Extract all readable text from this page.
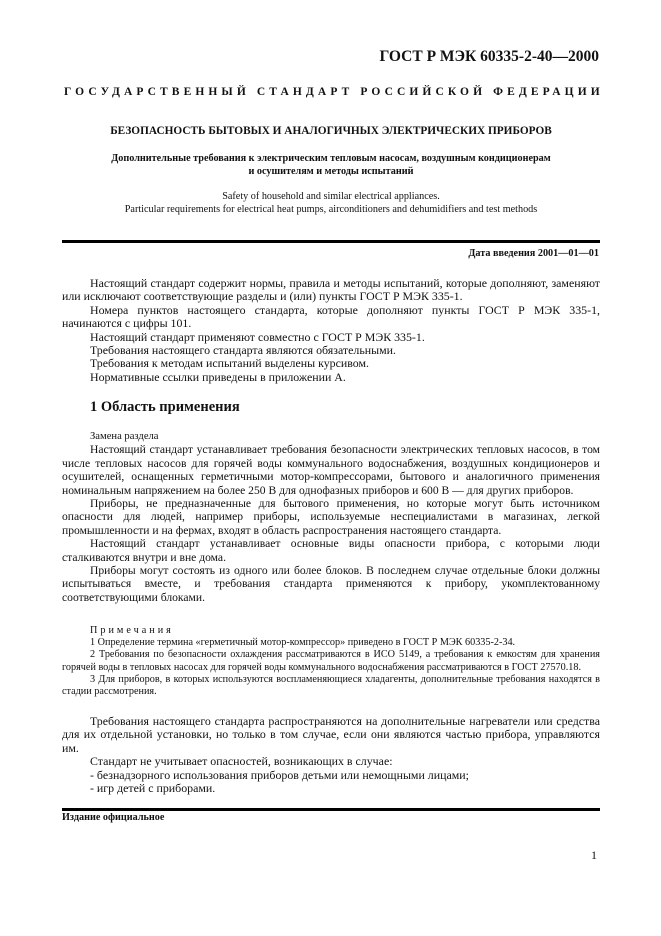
ГОСТ Р МЭК 60335-2-40—2000
ГОСУДАРСТВЕННЫЙ СТАНДАРТ РОССИЙСКОЙ ФЕДЕРАЦИИ
БЕЗОПАСНОСТЬ БЫТОВЫХ И АНАЛОГИЧНЫХ ЭЛЕКТРИЧЕСКИХ ПРИБОРОВ
Дополнительные требования к электрическим тепловым насосам, воздушным кондиционерам
и осушителям и методы испытаний
Safety of household and similar electrical appliances.
Particular requirements for electrical heat pumps, airconditioners and dehumidifiers and test methods
Дата введения 2001—01—01

Настоящий стандарт содержит нормы, правила и методы испытаний, которые дополняют, заменяют или исключают соответствующие разделы и (или) пункты ГОСТ Р МЭК 335-1.

Номера пунктов настоящего стандарта, которые дополняют пункты ГОСТ Р МЭК 335-1, начинаются с цифры 101.

Настоящий стандарт применяют совместно с ГОСТ Р МЭК 335-1.

Требования настоящего стандарта являются обязательными.

Требования к методам испытаний выделены курсивом.

Нормативные ссылки приведены в приложении А.

1 Область применения

Замена раздела

Настоящий стандарт устанавливает требования безопасности электрических тепловых насосов, в том числе тепловых насосов для горячей воды коммунального водоснабжения, воздушных кондиционеров и осушителей, оснащенных герметичными мотор-компрессорами, бытового и аналогичного применения номинальным напряжением на более 250 В для однофазных приборов и 600 В — для других приборов.

Приборы, не предназначенные для бытового применения, но которые могут быть источником опасности для людей, например приборы, используемые неспециалистами в магазинах, легкой промышленности и на фермах, входят в область распространения настоящего стандарта.

Настоящий стандарт устанавливает основные виды опасности прибора, с которыми люди сталкиваются внутри и вне дома.

Приборы могут состоять из одного или более блоков. В последнем случае отдельные блоки должны испытываться вместе, и требования стандарта применяются к прибору, укомплектованному соответствующими блоками.

Примечания

1 Определение термина «герметичный мотор-компрессор» приведено в ГОСТ Р МЭК 60335-2-34.

2 Требования по безопасности охлаждения рассматриваются в ИСО 5149, а требования к емкостям для хранения горячей воды в тепловых насосах для горячей воды коммунального водоснабжения рассматриваются в ГОСТ 27570.18.

3 Для приборов, в которых используются воспламеняющиеся хладагенты, дополнительные требования находятся в стадии рассмотрения.

Требования настоящего стандарта распространяются на дополнительные нагреватели или средства для их отдельной установки, но только в том случае, если они являются частью прибора, управляются им.

Стандарт не учитывает опасностей, возникающих в случае:

- безнадзорного использования приборов детьми или немощными лицами;

- игр детей с приборами.

Издание официальное
1
